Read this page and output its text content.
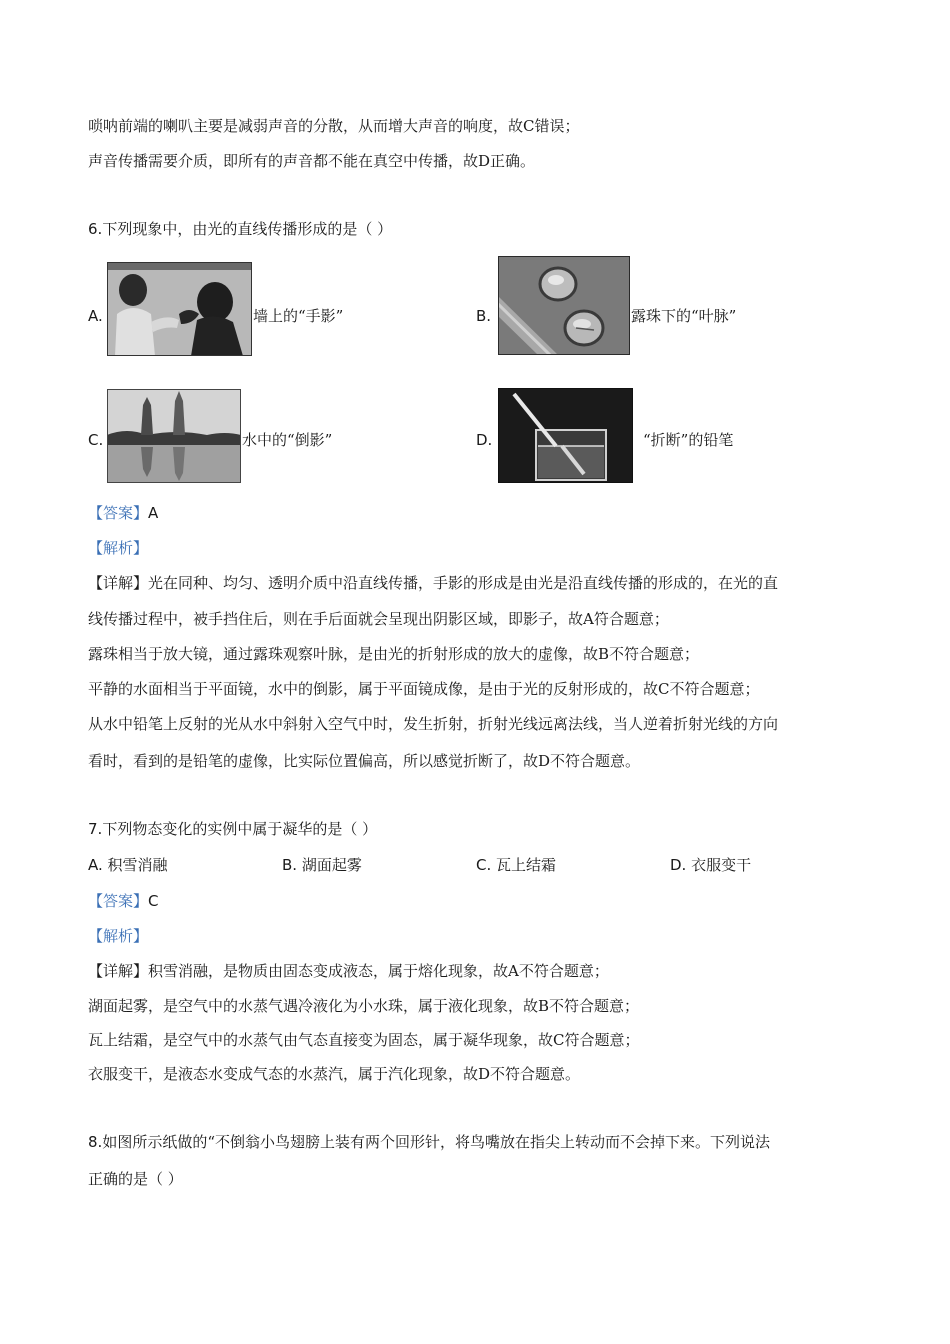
唢呐前端的喇叭主要是减弱声音的分散，从而增大声音的响度，故C错误；
声音传播需要介质，即所有的声音都不能在真空中传播，故D正确。
6.下列现象中，由光的直线传播形成的是（ ）
A.	墙上的“手影”	B.	露珠下的“叶脉”
C.	水中的“倒影”	D.	“折断”的铅笔
【答案】A
【解析】
【详解】光在同种、均匀、透明介质中沿直线传播，手影的形成是由光是沿直线传播的形成的，在光的直
线传播过程中，被手挡住后，则在手后面就会呈现出阴影区域，即影子，故A符合题意；
露珠相当于放大镜，通过露珠观察叶脉，是由光的折射形成的放大的虚像，故B不符合题意；
平静的水面相当于平面镜，水中的倒影，属于平面镜成像，是由于光的反射形成的，故C不符合题意；
从水中铅笔上反射的光从水中斜射入空气中时，发生折射，折射光线远离法线，当人逆着折射光线的方向
看时，看到的是铅笔的虚像，比实际位置偏高，所以感觉折断了，故D不符合题意。
7.下列物态变化的实例中属于凝华的是（ ）
A. 积雪消融	B. 湖面起雾	C. 瓦上结霜	D. 衣服变干
【答案】C
【解析】
【详解】积雪消融，是物质由固态变成液态，属于熔化现象，故A不符合题意；
湖面起雾，是空气中的水蒸气遇冷液化为小水珠，属于液化现象，故B不符合题意；
瓦上结霜，是空气中的水蒸气由气态直接变为固态，属于凝华现象，故C符合题意；
衣服变干，是液态水变成气态的水蒸汽，属于汽化现象，故D不符合题意。
8.如图所示纸做的“不倒翁小鸟翅膀上装有两个回形针，将鸟嘴放在指尖上转动而不会掉下来。下列说法
正确的是（ ）
